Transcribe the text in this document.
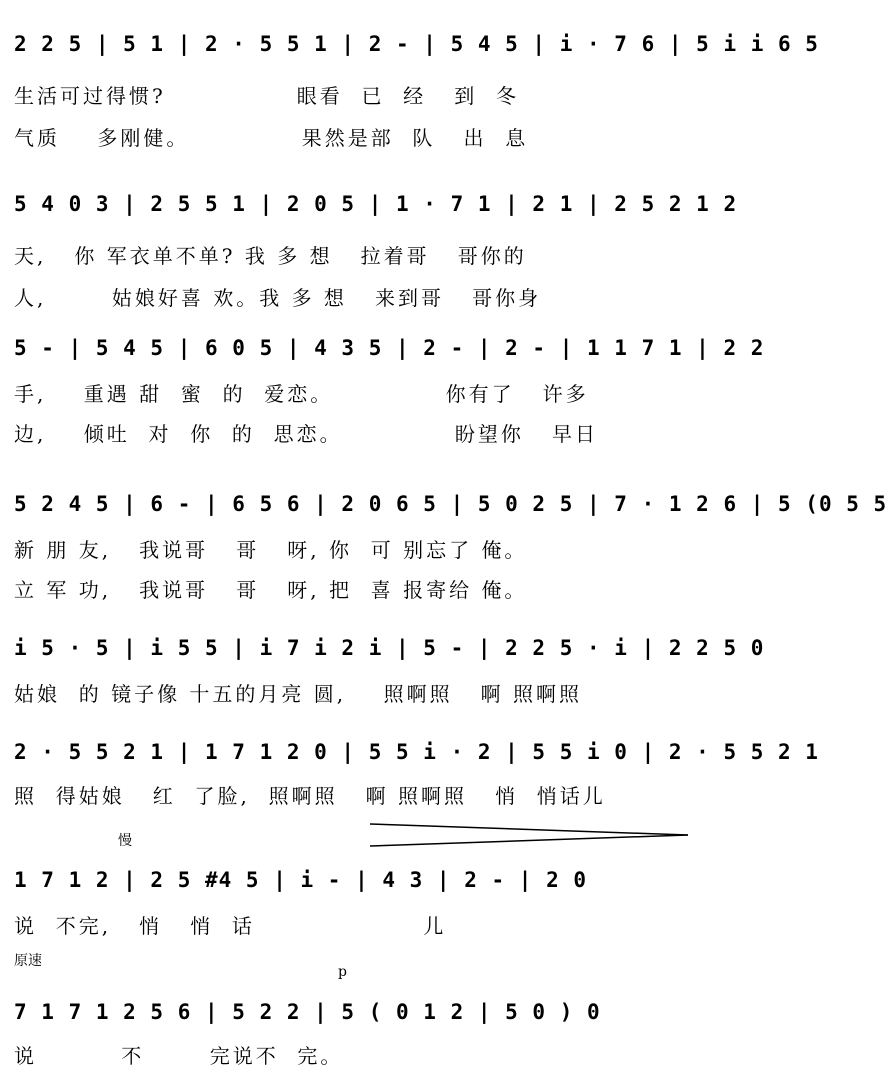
2 2 5 | 5 1 | 2 · 5 5 1 | 2 - | 5 4 5 | i · 7 6 | 5 i i 6 5
生活可过得惯?              眼看  已  经   到  冬
气质    多刚健。            果然是部  队   出  息
5 4 0 3 | 2 5 5 1 | 2 0 5 | 1 · 7 1 | 2 1 | 2 5 2 1 2
天,   你 军衣单不单? 我 多 想   拉着哥   哥你的
人,       姑娘好喜 欢。我 多 想   来到哥   哥你身
5 - | 5 4 5 | 6 0 5 | 4 3 5 | 2 - | 2 - | 1 1 7 1 | 2 2
手,    重遇 甜  蜜  的  爱恋。            你有了   许多
边,    倾吐  对  你  的  思恋。            盼望你   早日
5 2 4 5 | 6 - | 6 5 6 | 2 0 6 5 | 5 0 2 5 | 7 · 1 2 6 | 5 (0 5 5
新 朋 友,   我说哥   哥   呀, 你  可 别忘了 俺。
立 军 功,   我说哥   哥   呀, 把  喜 报寄给 俺。
i 5 · 5 | i 5 5 | i 7 i 2 i | 5 - | 2 2 5 · i | 2 2 5 0
姑娘  的 镜子像 十五的月亮 圆,    照啊照   啊 照啊照
2 · 5 5 2 1 | 1 7 1 2 0 | 5 5 i · 2 | 5 5 i 0 | 2 · 5 5 2 1
照  得姑娘   红  了脸,  照啊照   啊 照啊照   悄  悄话儿
慢
1 7 1 2 | 2 5 #4 5 | i - | 4 3 | 2 - | 2 0
说  不完,   悄   悄  话                  儿
原速
p
7 1 7 1 2 5 6 | 5 2 2 | 5 ( 0 1 2 | 5 0 ) 0
说         不       完说不  完。
